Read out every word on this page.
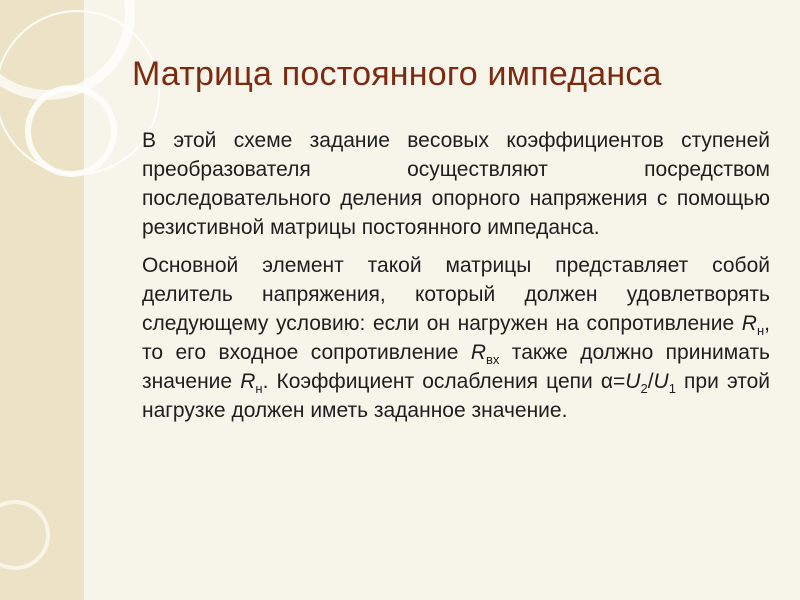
Матрица постоянного импеданса

В этой схеме задание весовых коэффициентов ступеней преобразователя осуществляют посредством последовательного деления опорного напряжения с помощью резистивной матрицы постоянного импеданса.

Основной элемент такой матрицы представляет собой делитель напряжения, который должен удовлетворять следующему условию: если он нагружен на сопротивление $R_н$, то его входное сопротивление $R_{вх}$ также должно принимать значение $R_н$. Коэффициент ослабления цепи $\alpha=U_2/U_1$ при этой нагрузке должен иметь заданное значение.
